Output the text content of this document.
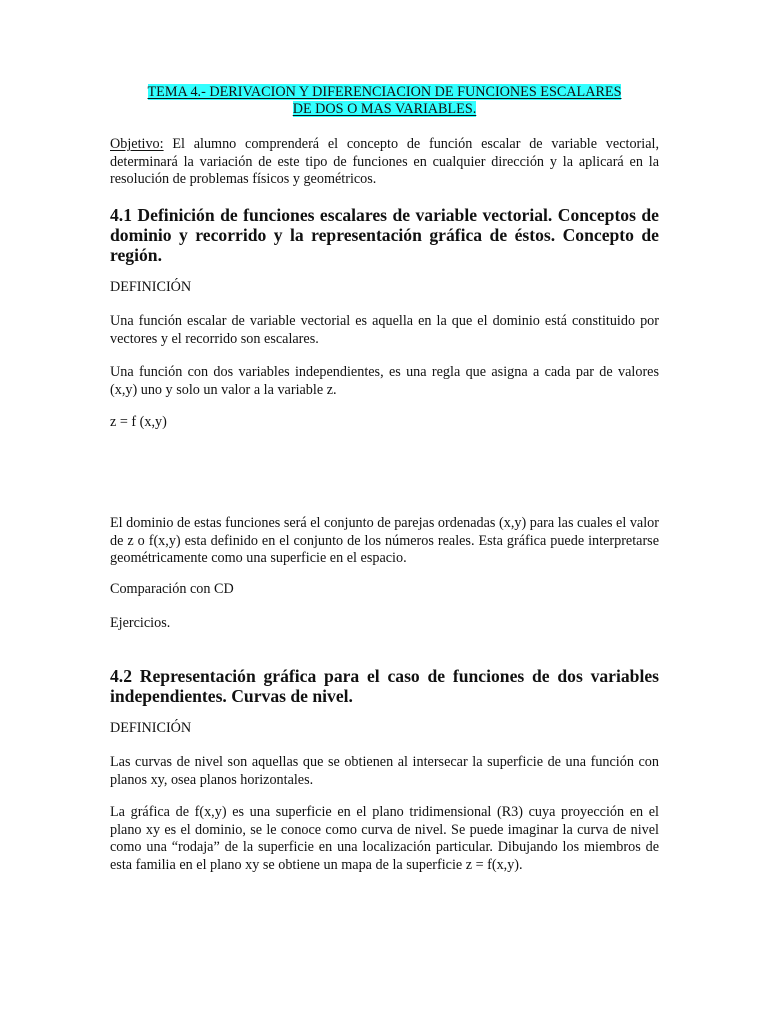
TEMA 4.- DERIVACION Y DIFERENCIACION DE FUNCIONES ESCALARES
DE DOS O MAS VARIABLES.

Objetivo: El alumno comprenderá el concepto de función escalar de variable vectorial, determinará la variación de este tipo de funciones en cualquier dirección y la aplicará en la resolución de problemas físicos y geométricos.

4.1 Definición de funciones escalares de variable vectorial. Conceptos de dominio y recorrido y la representación gráfica de éstos. Concepto de región.

DEFINICIÓN

Una función escalar de variable vectorial es aquella en la que el dominio está constituido por vectores y el recorrido son escalares.

Una función con dos variables independientes, es una regla que asigna a cada par de valores (x,y) uno y solo un valor a la variable z.

z = f (x,y)

El dominio de estas funciones será el conjunto de parejas ordenadas (x,y) para las cuales el valor de z o f(x,y) esta definido en el conjunto de los números reales. Esta gráfica puede interpretarse geométricamente como una superficie en el espacio.

Comparación con CD

Ejercicios.

4.2 Representación gráfica para el caso de funciones de dos variables independientes. Curvas de nivel.

DEFINICIÓN

Las curvas de nivel son aquellas que se obtienen al intersecar la superficie de una función con planos xy, osea planos horizontales.

La gráfica de f(x,y) es una superficie en el plano tridimensional (R3) cuya proyección en el plano xy es el dominio, se le conoce como curva de nivel. Se puede imaginar la curva de nivel como una “rodaja” de la superficie en una localización particular. Dibujando los miembros de esta familia en el plano xy se obtiene un mapa de la superficie z = f(x,y).
